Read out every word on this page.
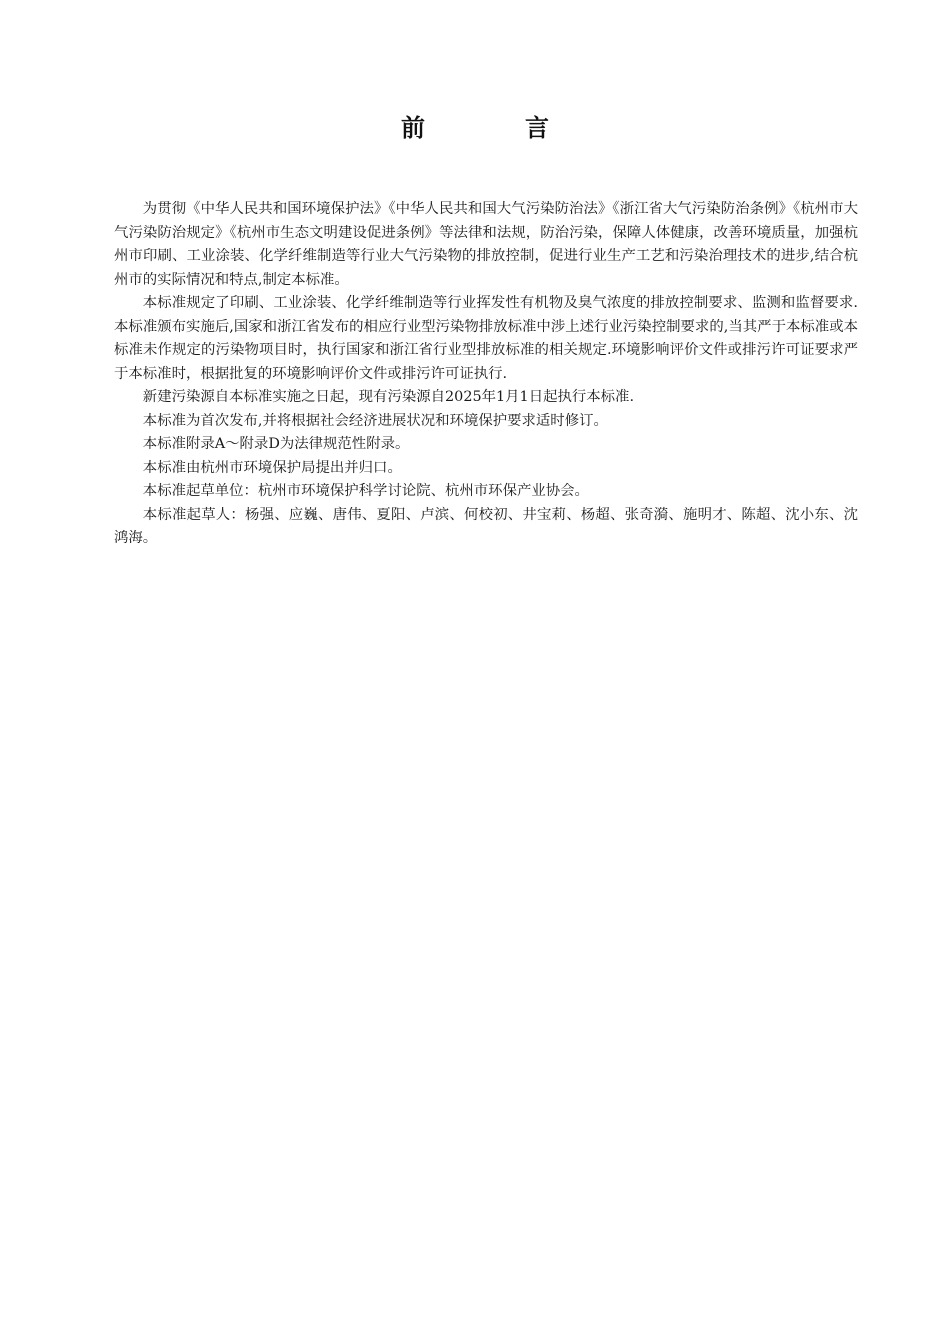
前　言

为贯彻《中华人民共和国环境保护法》《中华人民共和国大气污染防治法》《浙江省大气污染防治条例》《杭州市大气污染防治规定》《杭州市生态文明建设促进条例》等法律和法规，防治污染，保障人体健康，改善环境质量，加强杭州市印刷、工业涂装、化学纤维制造等行业大气污染物的排放控制，促进行业生产工艺和污染治理技术的进步,结合杭州市的实际情况和特点,制定本标准。

本标准规定了印刷、工业涂装、化学纤维制造等行业挥发性有机物及臭气浓度的排放控制要求、监测和监督要求.本标准颁布实施后,国家和浙江省发布的相应行业型污染物排放标准中涉上述行业污染控制要求的,当其严于本标准或本标准未作规定的污染物项目时，执行国家和浙江省行业型排放标准的相关规定.环境影响评价文件或排污许可证要求严于本标准时，根据批复的环境影响评价文件或排污许可证执行.

新建污染源自本标准实施之日起，现有污染源自2025年1月1日起执行本标准.

本标准为首次发布,并将根据社会经济进展状况和环境保护要求适时修订。

本标准附录A～附录D为法律规范性附录。

本标准由杭州市环境保护局提出并归口。

本标准起草单位：杭州市环境保护科学讨论院、杭州市环保产业协会。

本标准起草人：杨强、应巍、唐伟、夏阳、卢滨、何校初、井宝莉、杨超、张奇漪、施明才、陈超、沈小东、沈鸿海。
